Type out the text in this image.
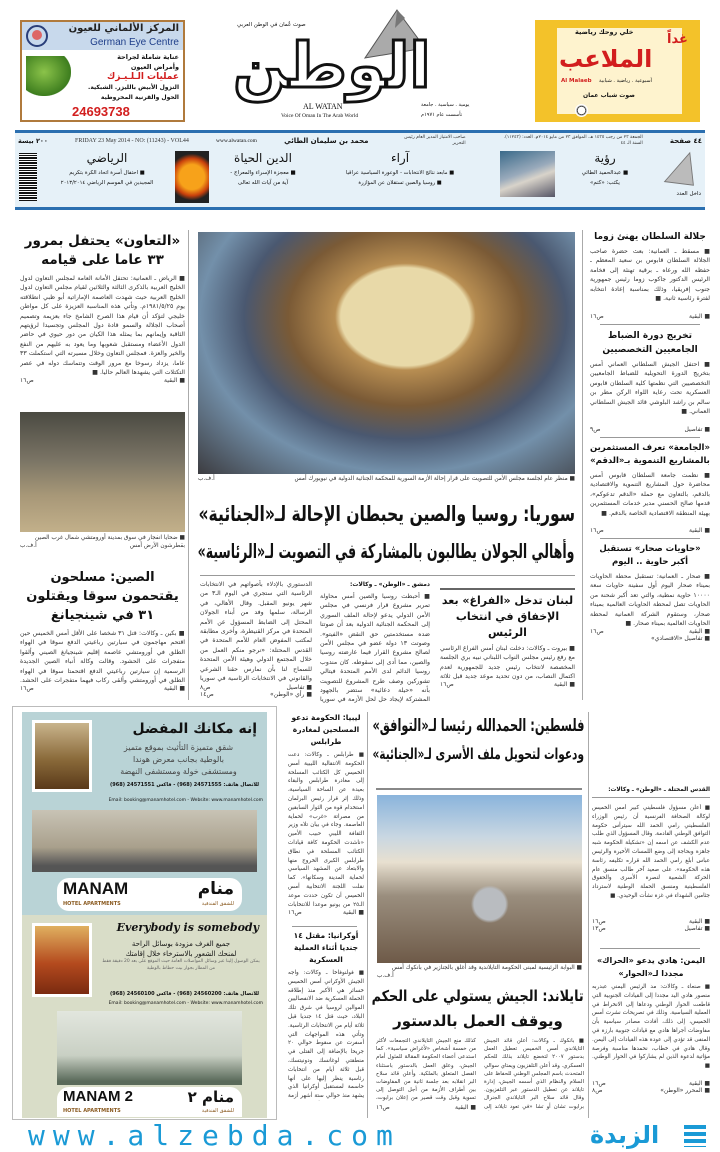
المركز الألماني للعيون
German Eye Centre
عناية شاملة لجراحة
وأمراض العيون
عمليات الـلـيـزك
النزول الأبيض بالليزر. الشبكية.
الحول والقرنية المخروطية
24693738
صوت عُمان في الوطن العربي
الوطن
AL WATAN
Voice Of Oman In The Arab World
يومية . سياسية . جامعة
تأسست عام ١٩٧١م
خلي روحك رياضية
الملاعب
غداً
Al Malaeb أسبوعية . رياضية . شبابية
صوت شباب عمان
٤٤ صفحة
الجمعة ٢٣ من رجب ١٤٣٥ هـ. الموافق ٢٣ من مايو ٢٠١٤م. العدد: (١١٢٤٣). السنة الـ ٤٤
صاحب الامتياز المدير العام رئيس التحرير
محمد بن سليمان الطائي
www.alwatan.com
FRIDAY 23 May 2014 - NO: (11243) - VOL44
٢٠٠ بيسة
داخل العدد
رؤية
■ عبدالحميد الطائي
يكتب: «كتم»
آراء
■ مابعد نتائج الانتخابات - الوعورة السياسية عراقيا
■ روسيا والصين تستقلان عن المؤازرة
الدين الحياة
■ معجزة الإسراء والمعراج -
آية من آيات الله تعالى
الرياضي
■ احتفال أسرة اتحاد الكرة بتكريم
المجيدين في الموسم الرياضي ٢٠١٣/٢٠١٤
«التعاون» يحتفل بمرور ٣٣ عاما على قيامه
■ الرياض ـ العمانية: تحتفل الأمانة العامة لمجلس التعاون لدول الخليج العربية بالذكرى الثالثة والثلاثين لقيام مجلس التعاون لدول الخليج العربية حيث شهدت العاصمة الإماراتية أبو ظبي انطلاقته يوم ١٩٨١/٥/٢٥م. وتأتي هذه المناسبة العزيزة على كل مواطن خليجي لتؤكد أن قيام هذا الصرح الشامخ جاء بعزيمة وتصميم أصحاب الجلالة والسمو قادة دول المجلس وتجسيدا لرؤيتهم الثاقبة وإيمانهم بما يمثله هذا الكيان من دور حيوي في حاضر الدول الأعضاء ومستقبل شعوبها وما يعود به عليهم من النفع والخير والعزة. فمجلس التعاون وخلال مسيرته التي استكملت ٣٣ عاما، يزداد رسوخا مع مرور الوقت وتتماسك دوله في عصر التكتلات التي يشهدها العالم حاليا. ■
■ البقية
ص١٦
■ ضحايا انفجار في سوق بمدينة أورومتشي شمال غرب الصين بقطرشون الأرض أمس
أ.ف.ب
الصين: مسلحون يقتحمون سوقا ويقتلون ٣١ في شينجيانغ
■ بكين ـ وكالات: قتل ٣١ شخصا على الأقل أمس الخميس حين اقتحم مهاجمون في سيارتين رباعيتي الدفع سوقا في الهواء الطلق في أورومتشي عاصمة إقليم شينجيانغ الصيني وألقوا متفجرات على الحشود. وقالت وكالة أنباء الصين الجديدة الرسمية إن سيارتين رباعيتي الدفع اقتحمتا سوقا في الهواء الطلق في أورومتشي وألقى ركاب فيهما متفجرات على الحشد.
■ البقية
ص١٦
■ منظر عام لجلسة مجلس الأمن للتصويت على قرار إحالة الأزمة السورية للمحكمة الجنائية الدولية في نيويورك أمس
أ.ف.ب
سوريا: روسيا والصين يحبطان الإحالة لـ«الجنائية»
وأهالي الجولان يطالبون بالمشاركة في التصويت لـ«الرئاسية»
دمشق ـ «الوطن» ـ وكالات:
■ أحبطت روسيا والصين أمس محاولة تمرير مشروع قرار فرنسي في مجلس الأمن الدولي يدعو لإحالة الملف السوري إلى المحكمة الجنائية الدولية بعد أن صوتتا ضده مستخدمتين حق النقض «الفيتو». وصوتت ١٣ دولة عضو في مجلس الأمن لصالح مشروع القرار فيما عارضته روسيا والصين، مما أدى إلى سقوطه. كان مندوب روسيا الدائم لدى الأمم المتحدة فيتالي تشوركين وصف طرح المشروع للتصويت بأنه «حيلة دعائية» ستضر بالجهود المشتركة لإيجاد حل لحل الأزمة في سوريا
الدستوري بالإدلاء بأصواتهم في الانتخابات الرئاسية التي ستجري في اليوم الـ٣ من شهر يونيو المقبل. وقال الأهالي، في الرسالة، سلمها وفد من أبناء الجولان المحتل إلى الضابط المسؤول عن الأمم المتحدة في مركز القنيطرة، وأخرى مطابقة لمكتب المفوض العام للأمم المتحدة في القدس المحتلة: «نرجو منكم العمل من خلال المجتمع الدولي وهيئة الأمن المتحدة للسماح لنا بأن نمارس حقنا الشرعي والقانوني في الانتخابات الرئاسية في سوريا
■ تفاصيل
ص٨
■ رأي «الوطن»
ص١٤
لبنان تدخل «الفراغ» بعد الإخفاق في انتخاب الرئيس
■ بيروت ـ وكالات: دخلت لبنان أمس الفراغ الرئاسي مع رفع رئيس مجلس النواب اللبناني نبيه بري الجلسة المخصصة لانتخاب رئيس جديد للجمهورية لعدم اكتمال النصاب، من دون تحديد موعد جديد قبل ثلاثة
■ البقية
ص١٦
جلالة السلطان يهنئ زوما
■ مسقط ـ العمانية: بعث حضرة صاحب الجلالة السلطان قابوس بن سعيد المعظم ـ حفظه الله ورعاه ـ برقية تهنئة إلى فخامة الرئيس الدكتور جاكوب زوما رئيس جمهورية جنوب إفريقيا، وذلك بمناسبة إعادة انتخابه لفترة رئاسية ثانية. ■
■ البقية
ص١٦
تخريج دورة الضباط الجامعيين التخصصيين
■ احتفل الجيش السلطاني العماني أمس بتخريج الدورة التحويلية للضباط الجامعيين التخصصيين التي نظمتها كلية السلطان قابوس العسكرية تحت رعاية اللواء الركن مطر بن سالم بن راشد البلوشي قائد الجيش السلطاني العماني. ■
■ تفاصيل
ص٩
«الجامعة» تعرف المستثمرين بالمشاريع التنموية بـ«الدقم»
■ نظمت جامعة السلطان قابوس أمس محاضرة حول المشاريع التنموية والاقتصادية بالدقم، بالتعاون مع حملة «الدقم تدعوكم»، قدمها صالح الحسني مدير خدمات المستثمرين بهيئة المنطقة الاقتصادية الخاصة بالدقم. ■
■ البقية
ص١٦
«حاويات صحار» تستقبل أكبر حاوية .. اليوم
■ صحار ـ العمانية: تستقبل محطة الحاويات بميناء صحار اليوم أول سفينة حاويات سعة ١٠٠٠٠ حاوية نمطية، والتي تعد أكبر شحنة من الحاويات تصل لمحطة الحاويات العالمية بميناء صحار، وستقوم الشركة العمانية لمحطة الحاويات العالمية بميناء صحار. ■
■ البقية
ص١٦
■ تفاصيل «الاقتصادي»
إنه مكانك المفضل
شقق متميزة التأثيث بموقع متميز
بالوطية بجانب معرض هوندا
ومستشفى خولة ومستشفى النهضة
للاتصال هاتف: 24571555 (968) - فاكس 24571551 (968)
Email: booking@manamhotel.com - Website: www.manamhotel.com
MANAM
HOTEL APARTMENTS
منام
للشقق الفندقية
Everybody is somebody
جميع الغرف مزودة بوسائل الراحة
لمنحك الشعور بالاسترخاء خلال إقامتك
يمكن الوصول إلينا عبر وسائل المواصلات العامة حيث الموقع على بعد 20 دقيقة فقط من المطار بجوار بيت حطاط بالوطية
للاتصال هاتف: 24560200 (968) - فاكس 24560100 (968)
Email: booking@manamhotel.com - Website: www.manamhotel.com
MANAM 2
HOTEL APARTMENTS
منام ٢
للشقق الفندقية
ليبيا: الحكومة تدعو المسلحين لمغادرة طرابلس
■ طرابلس ـ وكالات: دعت الحكومة الانتقالية الليبية أمس الخميس كل الكتائب المسلحة إلى مغادرة طرابلس والبقاء بعيدة عن الساحة السياسية، وذلك إثر قرار رئيس البرلمان استخدام قوة من الثوار السابقين من مصراتة «غرب» لحماية العاصمة. وجاء في بيان تلاه وزير الثقافة الليبي حبيب الأمين «ناشدت الحكومة كافة قيادات الكتائب المسلحة في نطاق طرابلس الكبرى الخروج منها والابتعاد عن المشهد السياسي لحماية المدينة وسكانها». كما نقلت اللجنة الانتخابية أمس الخميس أن تكون حددت موعد الـ٢٥ من يونيو موعدا للانتخابات
■ البقية
ص١٦
أوكرانيا: مقتل ١٤ جنديا أثناء العملية العسكرية
■ فولنوفاخا ـ وكالات: واجه الجيش الأوكراني أمس الخميس خسائر هي الأكبر منذ إطلاقه الحملة العسكرية ضد الانفصاليين الموالين لروسيا في شرق تلك البلاد، حيث قتل ١٤ جنديا قبل ثلاثة أيام من الانتخابات الرئاسية. وتأتي هذه المواجهات التي أسفرت عن سقوط حوالي ٢٠ جريحا بالإضافة إلى القتلى في منطقتي لوغانسك ودونيتسك، قبل ثلاثة أيام من انتخابات رئاسية ينظر إليها على أنها حاسمة لمستقبل أوكرانيا الذي يشهد منذ حوالي ستة أشهر أزمة
فلسطين: الحمدالله رئيسا لـ«التوافق»
ودعوات لتحويل ملف الأسرى لـ«الجنائية»
■ البوابة الرئيسية لمبنى الحكومة التايلاندية وقد أغلق بالجنازير في بانكوك أمس
أ.ف.ب
تايلاند: الجيش يستولي على الحكم
ويوقف العمل بالدستور
■ بانكوك ـ وكالات: أعلن قائد الجيش التايلاندي أمس الخميس تعطيل العمل بدستور ٢٠٠٧ لتخضع تايلاند بذلك للحكم العسكري. وقد أعلن التلفزيون ويمتاي سوالي المتحدث باسم المجلس الوطني للحفاظ على السلام والنظام الذي أسسه الجيش، إدارة تايلاند عن تعطيل الدستور عبر التلفزيون. وقال قائد سلاح البر التايلاندي الجنرال برايوت تشان أو تشا «في تعود تايلاند إلى
كذلك منع الجيش التايلاندي التجمعات لأكثر من خمسة أشخاص «لأغراض سياسية». كما استدعى أعضاء الحكومة المقالة للمثول أمام الجيش، وعلق العمل بالدستور باستثناء الفصل المتعلق بالملكية. وأعلن قائد سلاح البر انقلابه بعد جلسة ثانية من المفاوضات بين أطراف الأزمة من أجل التوصل إلى تسوية وقبل وقت قصير من إعلان برايوت،
■ البقية
ص١٦
القدس المحتلة ـ «الوطن» ـ وكالات:
■ أعلن مسؤول فلسطيني كبير أمس الخميس لوكالة الصحافة الفرنسية أن رئيس الوزراء الفلسطيني رامي الحمد الله سيترأس حكومة التوافق الوطني القادمة. وقال المسؤول الذي طلب عدم الكشف عن اسمه إن «تشكيلة الحكومة شبه جاهزة وبحاجة إلى وضع اللمسات الأخيرة والرئيس عباس أبلغ رامي الحمد الله قراره تكليفه رئاسة هذه الحكومة». على صعيد آخر طالب منسق عام الحركة الشعبية لنصرة الأسرى والحقوق الفلسطينية ومنسق الحملة الوطنية لاسترداد جثامين الشهداء في غزة نشأت الوحيدي. ■
■ البقية
ص١٦
■ تفاصيل
ص١٣
اليمن: هادي يدعو «الحراك» مجددا لـ«الحوار»
■ صنعاء ـ وكالات: مد الرئيس اليمني عبدربه منصور هادي اليد مجددا إلى القيادات الجنوبية التي قاطعت الحوار الوطني ودعاها إلى الانخراط في العملية السياسية. وذلك في تصريحات نشرت أمس الخميس، إلى ذلك، أفادت مصادر سياسية بأن مفاوضات أجراها هادي مع قيادات جنوبية بارزة في المنفى قد تؤدي إلى عودة هذه القيادات إلى اليمن. وقال هادي في خطاب، نحمدها مناسبة وفرصة مؤاتية لدعوة الذين لم يشاركوا في الحوار الوطني. ■
■ البقية
ص١٦
■ المحرر «الوطن»
ص٨
www.alzebda.com	الزبدة
